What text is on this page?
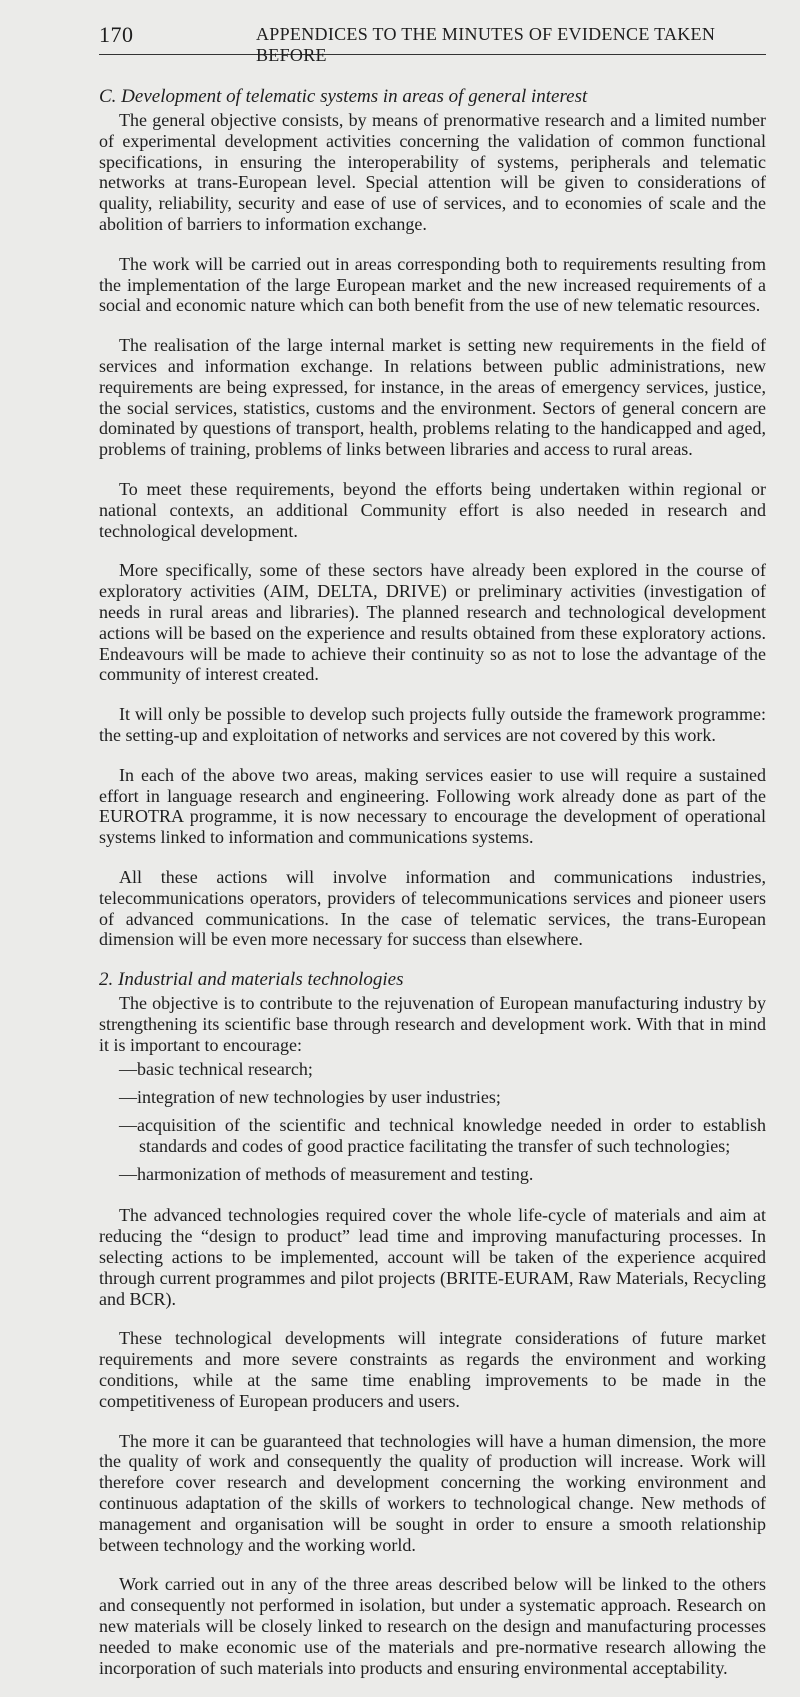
170	APPENDICES TO THE MINUTES OF EVIDENCE TAKEN BEFORE

C. Development of telematic systems in areas of general interest

The general objective consists, by means of prenormative research and a limited number of experimental development activities concerning the validation of common functional specifications, in ensuring the interoperability of systems, peripherals and telematic networks at trans-European level. Special attention will be given to considerations of quality, reliability, security and ease of use of services, and to economies of scale and the abolition of barriers to information exchange.

The work will be carried out in areas corresponding both to requirements resulting from the implementation of the large European market and the new increased requirements of a social and economic nature which can both benefit from the use of new telematic resources.

The realisation of the large internal market is setting new requirements in the field of services and information exchange. In relations between public administrations, new requirements are being expressed, for instance, in the areas of emergency services, justice, the social services, statistics, customs and the environment. Sectors of general concern are dominated by questions of transport, health, problems relating to the handicapped and aged, problems of training, problems of links between libraries and access to rural areas.

To meet these requirements, beyond the efforts being undertaken within regional or national contexts, an additional Community effort is also needed in research and technological development.

More specifically, some of these sectors have already been explored in the course of exploratory activities (AIM, DELTA, DRIVE) or preliminary activities (investigation of needs in rural areas and libraries). The planned research and technological development actions will be based on the experience and results obtained from these exploratory actions. Endeavours will be made to achieve their continuity so as not to lose the advantage of the community of interest created.

It will only be possible to develop such projects fully outside the framework programme: the setting-up and exploitation of networks and services are not covered by this work.

In each of the above two areas, making services easier to use will require a sustained effort in language research and engineering. Following work already done as part of the EUROTRA programme, it is now necessary to encourage the development of operational systems linked to information and communications systems.

All these actions will involve information and communications industries, telecommunications operators, providers of telecommunications services and pioneer users of advanced communications. In the case of telematic services, the trans-European dimension will be even more necessary for success than elsewhere.

2. Industrial and materials technologies

The objective is to contribute to the rejuvenation of European manufacturing industry by strengthening its scientific base through research and development work. With that in mind it is important to encourage:

—basic technical research;
—integration of new technologies by user industries;
—acquisition of the scientific and technical knowledge needed in order to establish standards and codes of good practice facilitating the transfer of such technologies;
—harmonization of methods of measurement and testing.

The advanced technologies required cover the whole life-cycle of materials and aim at reducing the “design to product” lead time and improving manufacturing processes. In selecting actions to be implemented, account will be taken of the experience acquired through current programmes and pilot projects (BRITE-EURAM, Raw Materials, Recycling and BCR).

These technological developments will integrate considerations of future market requirements and more severe constraints as regards the environment and working conditions, while at the same time enabling improvements to be made in the competitiveness of European producers and users.

The more it can be guaranteed that technologies will have a human dimension, the more the quality of work and consequently the quality of production will increase. Work will therefore cover research and development concerning the working environment and continuous adaptation of the skills of workers to technological change. New methods of management and organisation will be sought in order to ensure a smooth relationship between technology and the working world.

Work carried out in any of the three areas described below will be linked to the others and consequently not performed in isolation, but under a systematic approach. Research on new materials will be closely linked to research on the design and manufacturing processes needed to make economic use of the materials and pre-normative research allowing the incorporation of such materials into products and ensuring environmental acceptability.
